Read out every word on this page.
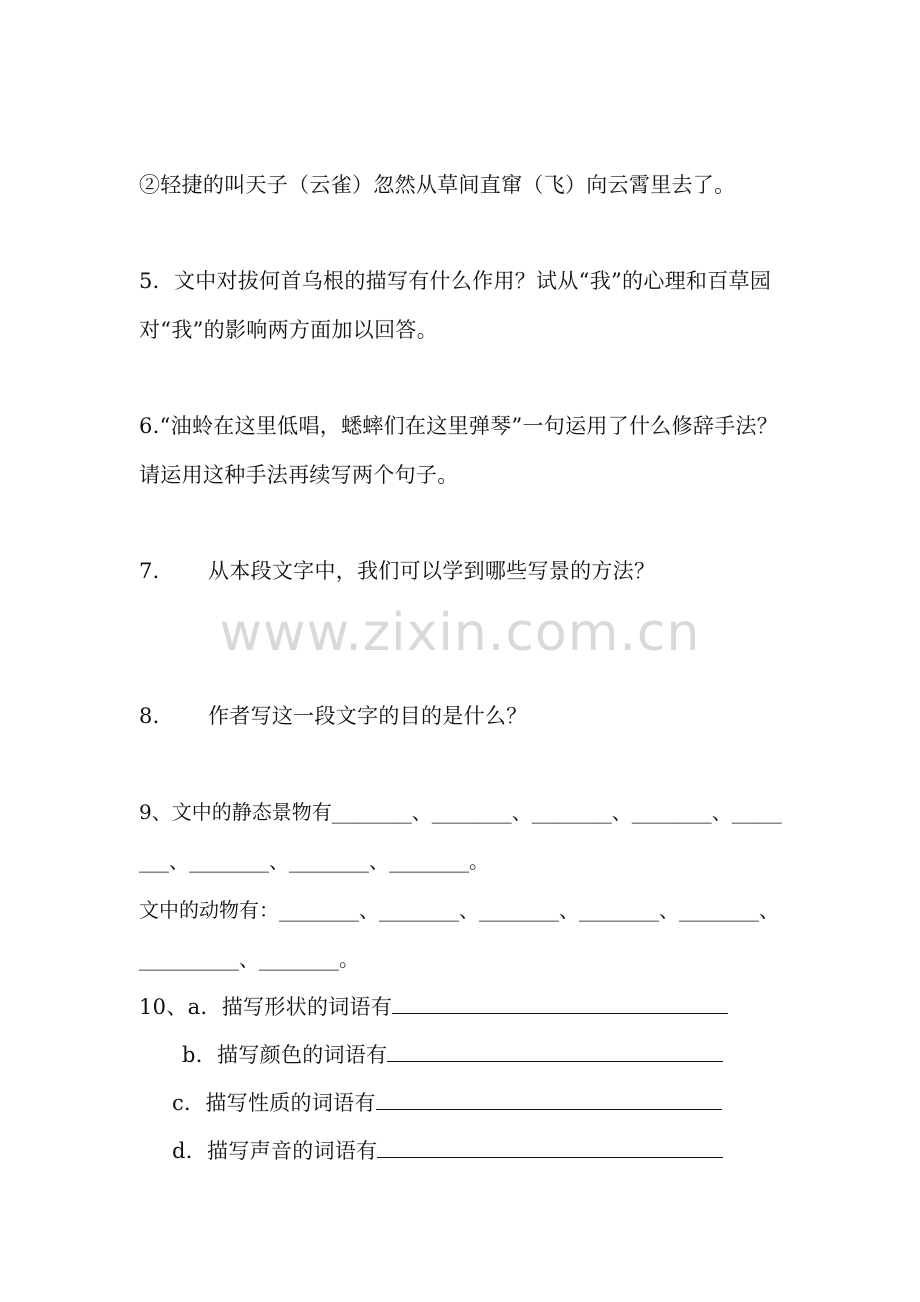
www.zixin.com.cn
②轻捷的叫天子（云雀）忽然从草间直窜（飞）向云霄里去了。
5．文中对拔何首乌根的描写有什么作用？试从“我”的心理和百草园
对“我”的影响两方面加以回答。
6.“油蛉在这里低唱，蟋蟀们在这里弹琴”一句运用了什么修辞手法？
请运用这种手法再续写两个句子。
7． 从本段文字中，我们可以学到哪些写景的方法？
8． 作者写这一段文字的目的是什么？
9、文中的静态景物有________、________、________、________、_____
___、________、________、________。
文中的动物有：________、________、________、________、________、
__________、________。
10、a．描写形状的词语有
b．描写颜色的词语有
c．描写性质的词语有
d．描写声音的词语有
